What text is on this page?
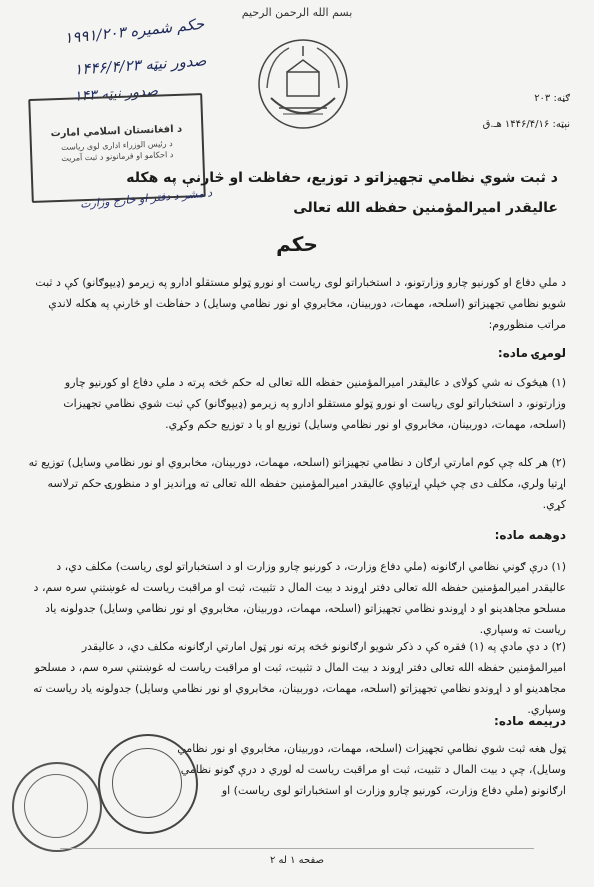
بسم الله الرحمن الرحيم
ګڼه: ۲۰۳
نېټه: ۱۴۴۶/۴/۱۶ هـ.ق
حکم شمیره ۱۹۹۱/۲۰۳
صدور نیټه ۱۴۴۶/۴/۲۳
صدور نیټه ۱۴۳
د افغانستان اسلامي امارت
د رئیس الوزراء اداری لوی ریاست
د احکامو او فرمانونو د ثبت آمریت
د مشر د دفتر او خارج وزارت
د ثبت شوي نظامي تجهیزاتو د توزیع، حفاظت او څارنې په هکله
عالیقدر امیرالمؤمنین حفظه الله تعالی
حکم
د ملي دفاع او کورنیو چارو وزارتونو، د استخباراتو لوی ریاست او نورو ټولو مستقلو ادارو په زیرمو (ډیپوګانو) کې د ثبت شویو نظامي تجهیزاتو (اسلحه، مهمات، دوربینان، مخابروي او نور نظامي وسایل) د حفاظت او څارنې په هکله لاندې مراتب منظوروم:
لومړۍ ماده:
(۱) هیڅوک نه شي کولای د عالیقدر امیرالمؤمنین حفظه الله تعالی له حکم څخه پرته د ملي دفاع او کورنیو چارو وزارتونو، د استخباراتو لوی ریاست او نورو ټولو مستقلو ادارو په زیرمو (ډیپوګانو) کې ثبت شوي نظامي تجهیزات (اسلحه، مهمات، دوربینان، مخابروي او نور نظامي وسایل) توزیع او یا د توزیع حکم وکړي.
(۲) هر کله چې کوم امارتي ارګان د نظامي تجهیزاتو (اسلحه، مهمات، دوربینان، مخابروي او نور نظامي وسایل) توزیع ته اړتیا ولري، مکلف دی چې خپلې اړتیاوې عالیقدر امیرالمؤمنین حفظه الله تعالی ته وړاندیز او د منظورۍ حکم ترلاسه کړي.
دوهمه ماده:
(۱) درې ګوني نظامي ارګانونه (ملي دفاع وزارت، د کورنیو چارو وزارت او د استخباراتو لوی ریاست) مکلف دي، د عالیقدر امیرالمؤمنین حفظه الله تعالی دفتر اړوند د بیت المال د تثبیت، ثبت او مراقبت ریاست له غوښتنې سره سم، د مسلحو مجاهدینو او د اړوندو نظامي تجهیزاتو (اسلحه، مهمات، دوربینان، مخابروي او نور نظامي وسایل) جدولونه یاد ریاست ته وسپاري.
(۲) د دې مادې په (۱) فقره کې د ذکر شویو ارګانونو څخه پرته نور ټول امارتي ارګانونه مکلف دي، د عالیقدر امیرالمؤمنین حفظه الله تعالی دفتر اړوند د بیت المال د تثبیت، ثبت او مراقبت ریاست له غوښتنې سره سم، د مسلحو مجاهدینو او د اړوندو نظامي تجهیزاتو (اسلحه، مهمات، دوربینان، مخابروي او نور نظامي وسایل) جدولونه یاد ریاست ته وسپاري.
درېیمه ماده:
ټول هغه ثبت شوي نظامي تجهیزات (اسلحه، مهمات، دوربینان، مخابروي او نور نظامي وسایل)، چې د بیت المال د تثبیت، ثبت او مراقبت ریاست له لوري د درې ګونو نظامي ارګانونو (ملي دفاع وزارت، کورنیو چارو وزارت او استخباراتو لوی ریاست) او
صفحه ۱ له ۲
